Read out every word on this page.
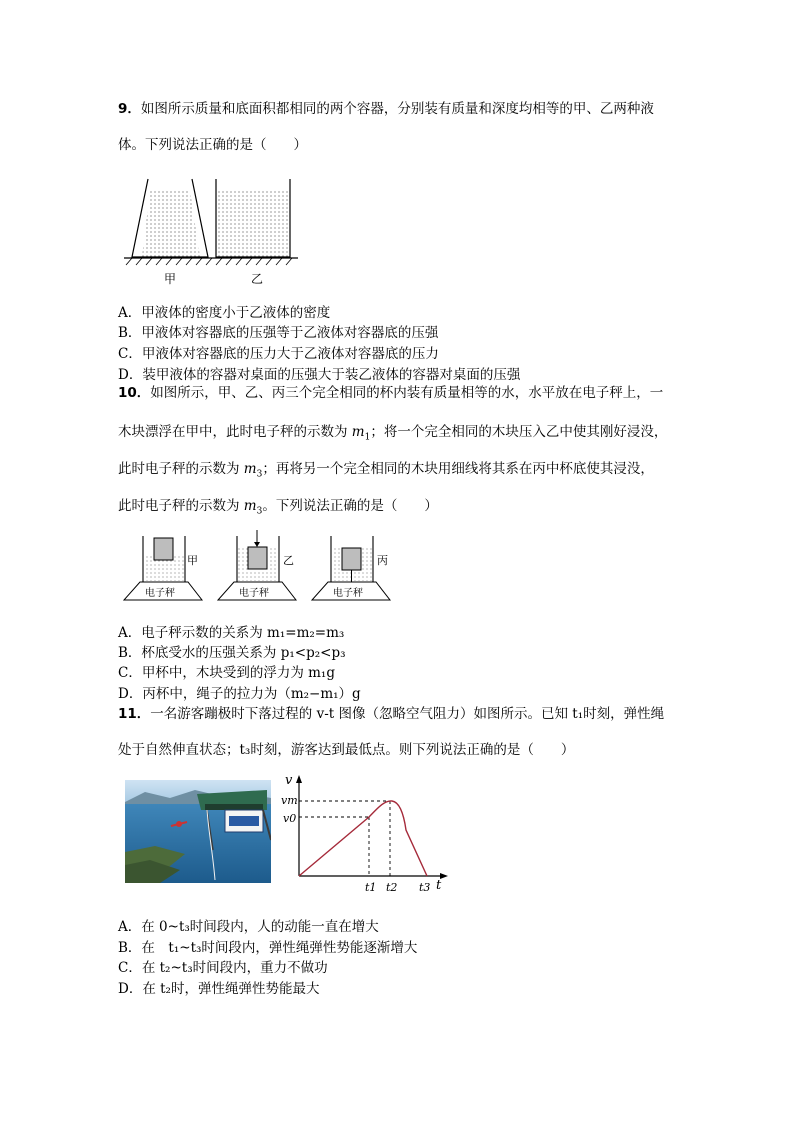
9．如图所示质量和底面积都相同的两个容器，分别装有质量和深度均相等的甲、乙两种液
体。下列说法正确的是（　　）
甲	乙
A．甲液体的密度小于乙液体的密度
B．甲液体对容器底的压强等于乙液体对容器底的压强
C．甲液体对容器底的压力大于乙液体对容器底的压力
D．装甲液体的容器对桌面的压强大于装乙液体的容器对桌面的压强
10．如图所示，甲、乙、丙三个完全相同的杯内装有质量相等的水，水平放在电子秤上，一
木块漂浮在甲中，此时电子秤的示数为 $m_1$；将一个完全相同的木块压入乙中使其刚好浸没，
此时电子秤的示数为 $m_3$；再将另一个完全相同的木块用细线将其系在丙中杯底使其浸没，
此时电子秤的示数为 $m_3$。下列说法正确的是（　　）
甲
电子秤
乙
电子秤
丙
电子秤
A．电子秤示数的关系为 m₁=m₂=m₃
B．杯底受水的压强关系为 p₁<p₂<p₃
C．甲杯中，木块受到的浮力为 m₁g
D．丙杯中，绳子的拉力为（m₂−m₁）g
11．一名游客蹦极时下落过程的 v-t 图像（忽略空气阻力）如图所示。已知 t₁时刻，弹性绳
处于自然伸直状态；t₃时刻，游客达到最低点。则下列说法正确的是（　　）
v
vm
v0
t1 t2 t3 t
A．在 0~t₃时间段内，人的动能一直在增大
B．在　t₁~t₃时间段内，弹性绳弹性势能逐渐增大
C．在 t₂~t₃时间段内，重力不做功
D．在 t₂时，弹性绳弹性势能最大
